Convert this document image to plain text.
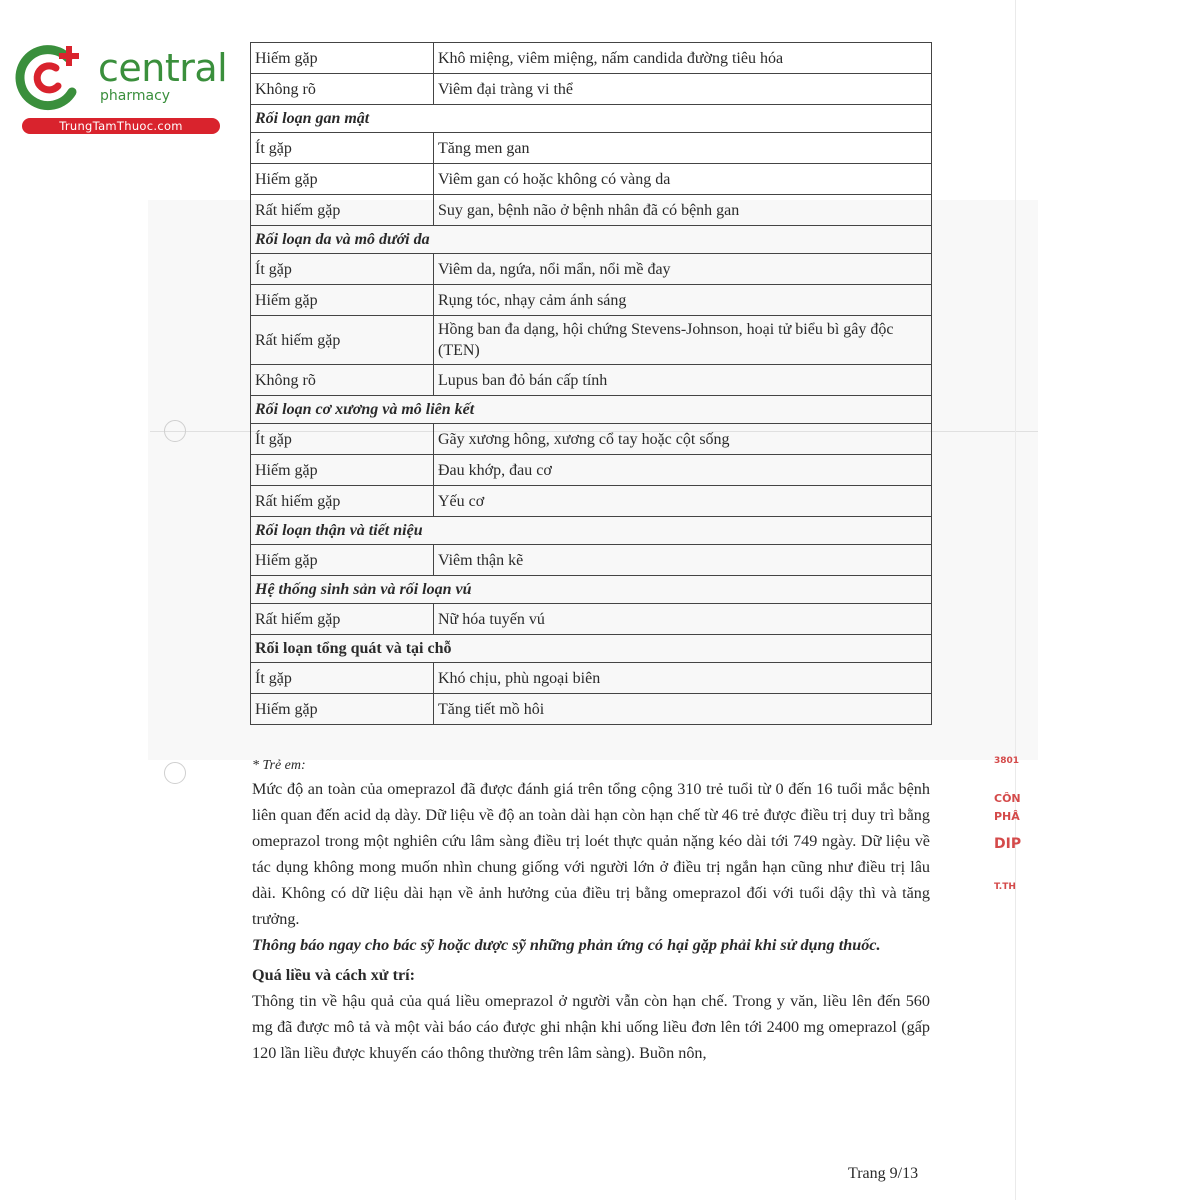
central
pharmacy
TrungTamThuoc.com
3801
CÔN
PHÂ
DIP
T.TH
Hiếm gặp	Khô miệng, viêm miệng, nấm candida đường tiêu hóa
Không rõ	Viêm đại tràng vi thể
Rối loạn gan mật	
Ít gặp	Tăng men gan
Hiếm gặp	Viêm gan có hoặc không có vàng da
Rất hiếm gặp	Suy gan, bệnh não ở bệnh nhân đã có bệnh gan
Rối loạn da và mô dưới da	
Ít gặp	Viêm da, ngứa, nổi mẩn, nổi mề đay
Hiếm gặp	Rụng tóc, nhạy cảm ánh sáng
Rất hiếm gặp	Hồng ban đa dạng, hội chứng Stevens-Johnson, hoại tử biểu bì gây độc (TEN)
Không rõ	Lupus ban đỏ bán cấp tính
Rối loạn cơ xương và mô liên kết	
Ít gặp	Gãy xương hông, xương cổ tay hoặc cột sống
Hiếm gặp	Đau khớp, đau cơ
Rất hiếm gặp	Yếu cơ
Rối loạn thận và tiết niệu	
Hiếm gặp	Viêm thận kẽ
Hệ thống sinh sản và rối loạn vú	
Rất hiếm gặp	Nữ hóa tuyến vú
Rối loạn tổng quát và tại chỗ	
Ít gặp	Khó chịu, phù ngoại biên
Hiếm gặp	Tăng tiết mồ hôi

* Trẻ em:

Mức độ an toàn của omeprazol đã được đánh giá trên tổng cộng 310 trẻ tuổi từ 0 đến 16 tuổi mắc bệnh liên quan đến acid dạ dày. Dữ liệu về độ an toàn dài hạn còn hạn chế từ 46 trẻ được điều trị duy trì bằng omeprazol trong một nghiên cứu lâm sàng điều trị loét thực quản nặng kéo dài tới 749 ngày. Dữ liệu về tác dụng không mong muốn nhìn chung giống với người lớn ở điều trị ngắn hạn cũng như điều trị lâu dài. Không có dữ liệu dài hạn về ảnh hưởng của điều trị bằng omeprazol đối với tuổi dậy thì và tăng trưởng.

Thông báo ngay cho bác sỹ hoặc dược sỹ những phản ứng có hại gặp phải khi sử dụng thuốc.

Quá liều và cách xử trí:

Thông tin về hậu quả của quá liều omeprazol ở người vẫn còn hạn chế. Trong y văn, liều lên đến 560 mg đã được mô tả và một vài báo cáo được ghi nhận khi uống liều đơn lên tới 2400 mg omeprazol (gấp 120 lần liều được khuyến cáo thông thường trên lâm sàng). Buồn nôn,

Trang 9/13
